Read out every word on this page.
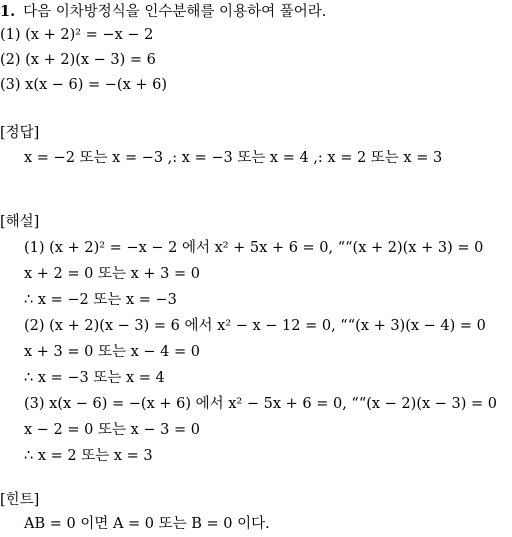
1. 다음 이차방정식을 인수분해를 이용하여 풀어라.
(1) (x + 2)² = −x − 2
(2) (x + 2)(x − 3) = 6
(3) x(x − 6) = −(x + 6)
[정답]
x = −2 또는 x = −3 ,: x = −3 또는 x = 4 ,: x = 2 또는 x = 3
[해설]
(1) (x + 2)² = −x − 2 에서 x² + 5x + 6 = 0, ““(x + 2)(x + 3) = 0
x + 2 = 0 또는 x + 3 = 0
∴ x = −2 또는 x = −3
(2) (x + 2)(x − 3) = 6 에서 x² − x − 12 = 0, ““(x + 3)(x − 4) = 0
x + 3 = 0 또는 x − 4 = 0
∴ x = −3 또는 x = 4
(3) x(x − 6) = −(x + 6) 에서 x² − 5x + 6 = 0, ““(x − 2)(x − 3) = 0
x − 2 = 0 또는 x − 3 = 0
∴ x = 2 또는 x = 3
[힌트]
AB = 0 이면 A = 0 또는 B = 0 이다.
